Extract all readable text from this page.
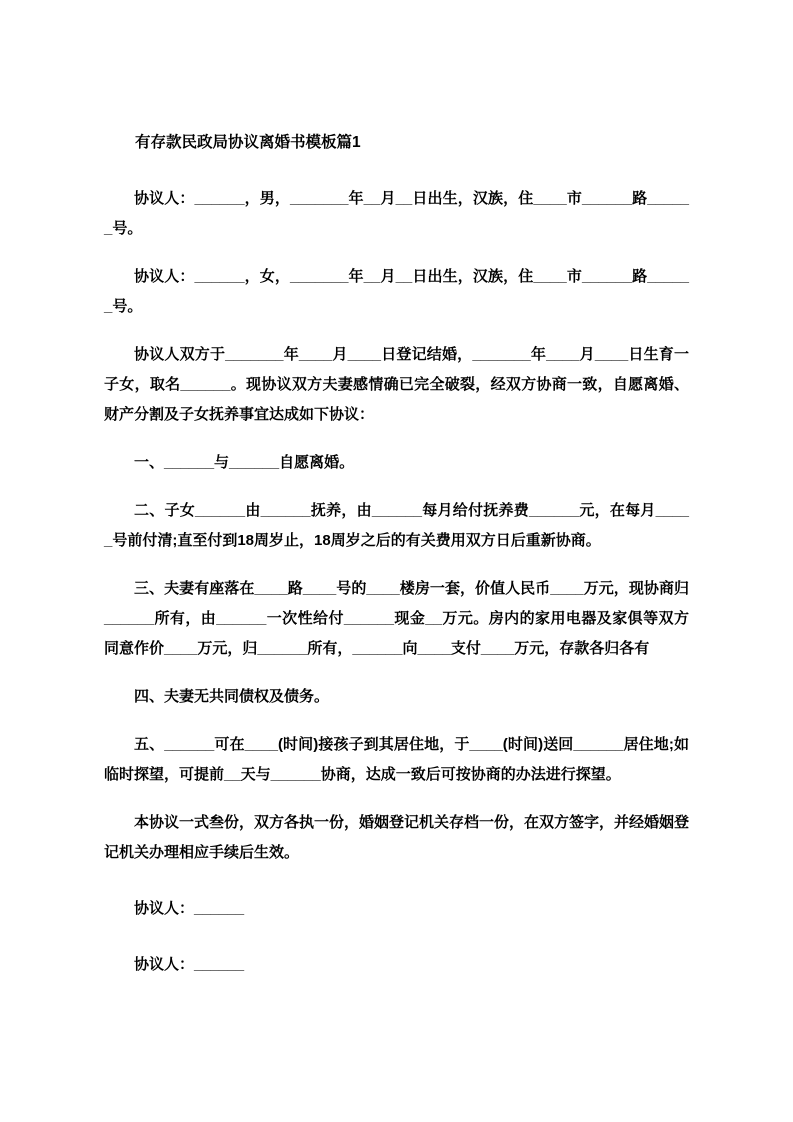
有存款民政局协议离婚书模板篇1

协议人：______，男，_______年__月__日出生，汉族，住____市______路______号。

协议人：______，女，_______年__月__日出生，汉族，住____市______路______号。

协议人双方于_______年____月____日登记结婚，_______年____月____日生育一子女，取名______。现协议双方夫妻感情确已完全破裂，经双方协商一致，自愿离婚、财产分割及子女抚养事宜达成如下协议：

一、______与______自愿离婚。

二、子女______由______抚养，由______每月给付抚养费______元，在每月_____号前付清;直至付到18周岁止，18周岁之后的有关费用双方日后重新协商。

三、夫妻有座落在____路____号的____楼房一套，价值人民币____万元，现协商归______所有，由______一次性给付______现金__万元。房内的家用电器及家俱等双方同意作价____万元，归______所有，______向____支付____万元，存款各归各有

四、夫妻无共同债权及债务。

五、______可在____(时间)接孩子到其居住地，于____(时间)送回______居住地;如临时探望，可提前__天与______协商，达成一致后可按协商的办法进行探望。

本协议一式叁份，双方各执一份，婚姻登记机关存档一份，在双方签字，并经婚姻登记机关办理相应手续后生效。

协议人：______

协议人：______
